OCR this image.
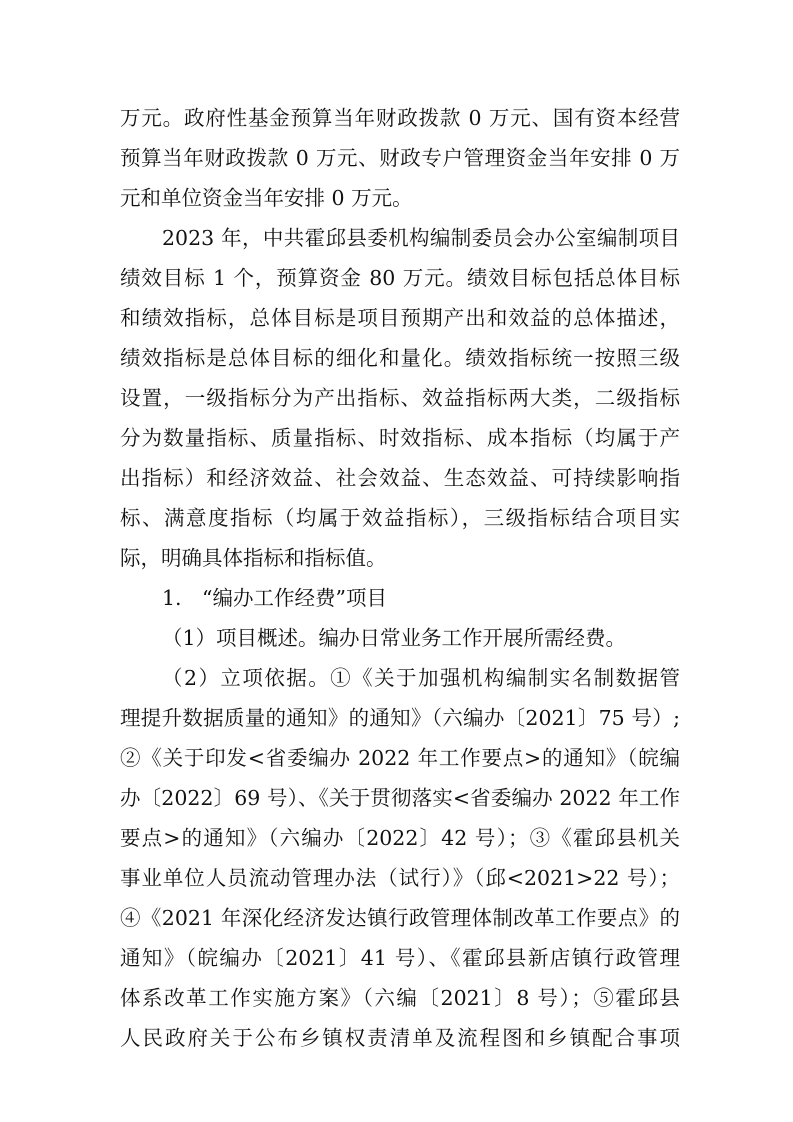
万元。政府性基金预算当年财政拨款 0 万元、国有资本经营
预算当年财政拨款 0 万元、财政专户管理资金当年安排 0 万
元和单位资金当年安排 0 万元。
2023 年，中共霍邱县委机构编制委员会办公室编制项目
绩效目标 1 个，预算资金 80 万元。绩效目标包括总体目标
和绩效指标，总体目标是项目预期产出和效益的总体描述，
绩效指标是总体目标的细化和量化。绩效指标统一按照三级
设置，一级指标分为产出指标、效益指标两大类，二级指标
分为数量指标、质量指标、时效指标、成本指标（均属于产
出指标）和经济效益、社会效益、生态效益、可持续影响指
标、满意度指标（均属于效益指标），三级指标结合项目实
际，明确具体指标和指标值。
1.　“编办工作经费”项目
（1）项目概述。编办日常业务工作开展所需经费。
（2）立项依据。①《关于加强机构编制实名制数据管
理提升数据质量的通知》的通知》（六编办〔2021〕75 号）;
②《关于印发<省委编办 2022 年工作要点>的通知》（皖编
办〔2022〕69 号）、《关于贯彻落实<省委编办 2022 年工作
要点>的通知》（六编办〔2022〕42 号）；③《霍邱县机关
事业单位人员流动管理办法（试行）》（邱<2021>22 号）；
④《2021 年深化经济发达镇行政管理体制改革工作要点》的
通知》（皖编办〔2021〕41 号）、《霍邱县新店镇行政管理
体系改革工作实施方案》（六编〔2021〕8 号）；⑤霍邱县
人民政府关于公布乡镇权责清单及流程图和乡镇配合事项
